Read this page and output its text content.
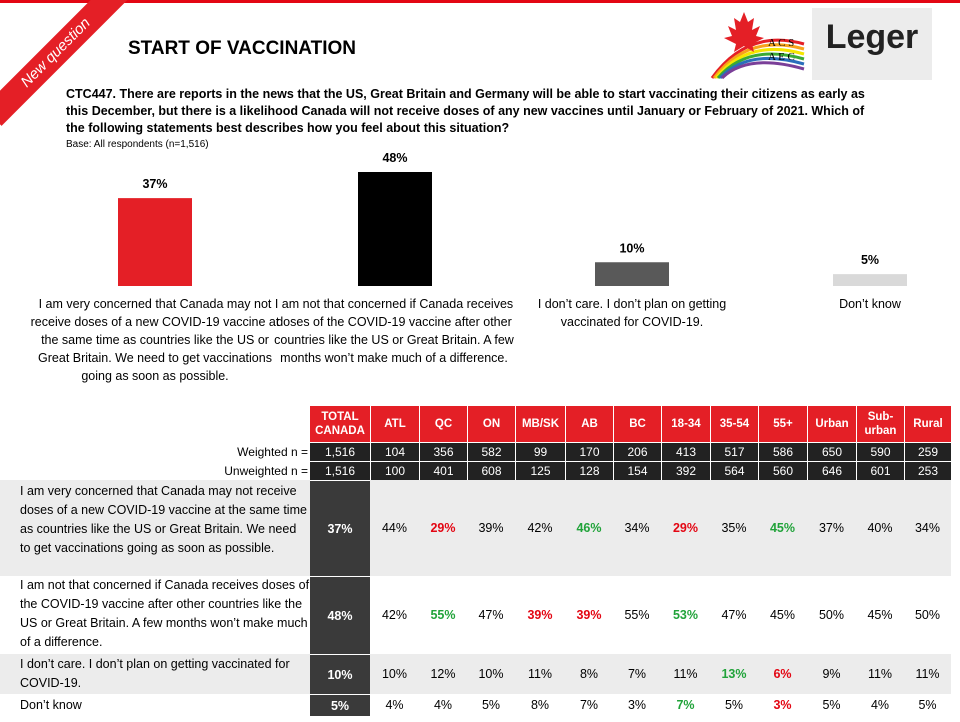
New question	START OF VACCINATION	A C S
A E C
Leger
CTC447. There are reports in the news that the US, Great Britain and Germany will be able to start vaccinating their citizens as early as this December, but there is a likelihood Canada will not receive doses of any new vaccines until January or February of 2021. Which of the following statements best describes how you feel about this situation?
Base: All respondents (n=1,516)
37%
48%
10%
5%
I am very concerned that Canada may not receive doses of a new COVID-19 vaccine at the same time as countries like the US or Great Britain. We need to get vaccinations going as soon as possible.
I am not that concerned if Canada receives doses of the COVID-19 vaccine after other countries like the US or Great Britain. A few months won’t make much of a difference.
I don’t care. I don’t plan on getting vaccinated for COVID-19.
Don’t know
	TOTAL CANADA	ATL	QC	ON	MB/SK	AB	BC	18-34	35-54	55+	Urban	Sub-urban	Rural
Weighted n =	1,516	104	356	582	99	170	206	413	517	586	650	590	259
Unweighted n =	1,516	100	401	608	125	128	154	392	564	560	646	601	253
I am very concerned that Canada may not receive doses of a new COVID-19 vaccine at the same time as countries like the US or Great Britain. We need to get vaccinations going as soon as possible.	37%	44%	29%	39%	42%	46%	34%	29%	35%	45%	37%	40%	34%
I am not that concerned if Canada receives doses of the COVID-19 vaccine after other countries like the US or Great Britain. A few months won’t make much of a difference.	48%	42%	55%	47%	39%	39%	55%	53%	47%	45%	50%	45%	50%
I don’t care. I don’t plan on getting vaccinated for COVID-19.	10%	10%	12%	10%	11%	8%	7%	11%	13%	6%	9%	11%	11%
Don’t know	5%	4%	4%	5%	8%	7%	3%	7%	5%	3%	5%	4%	5%
